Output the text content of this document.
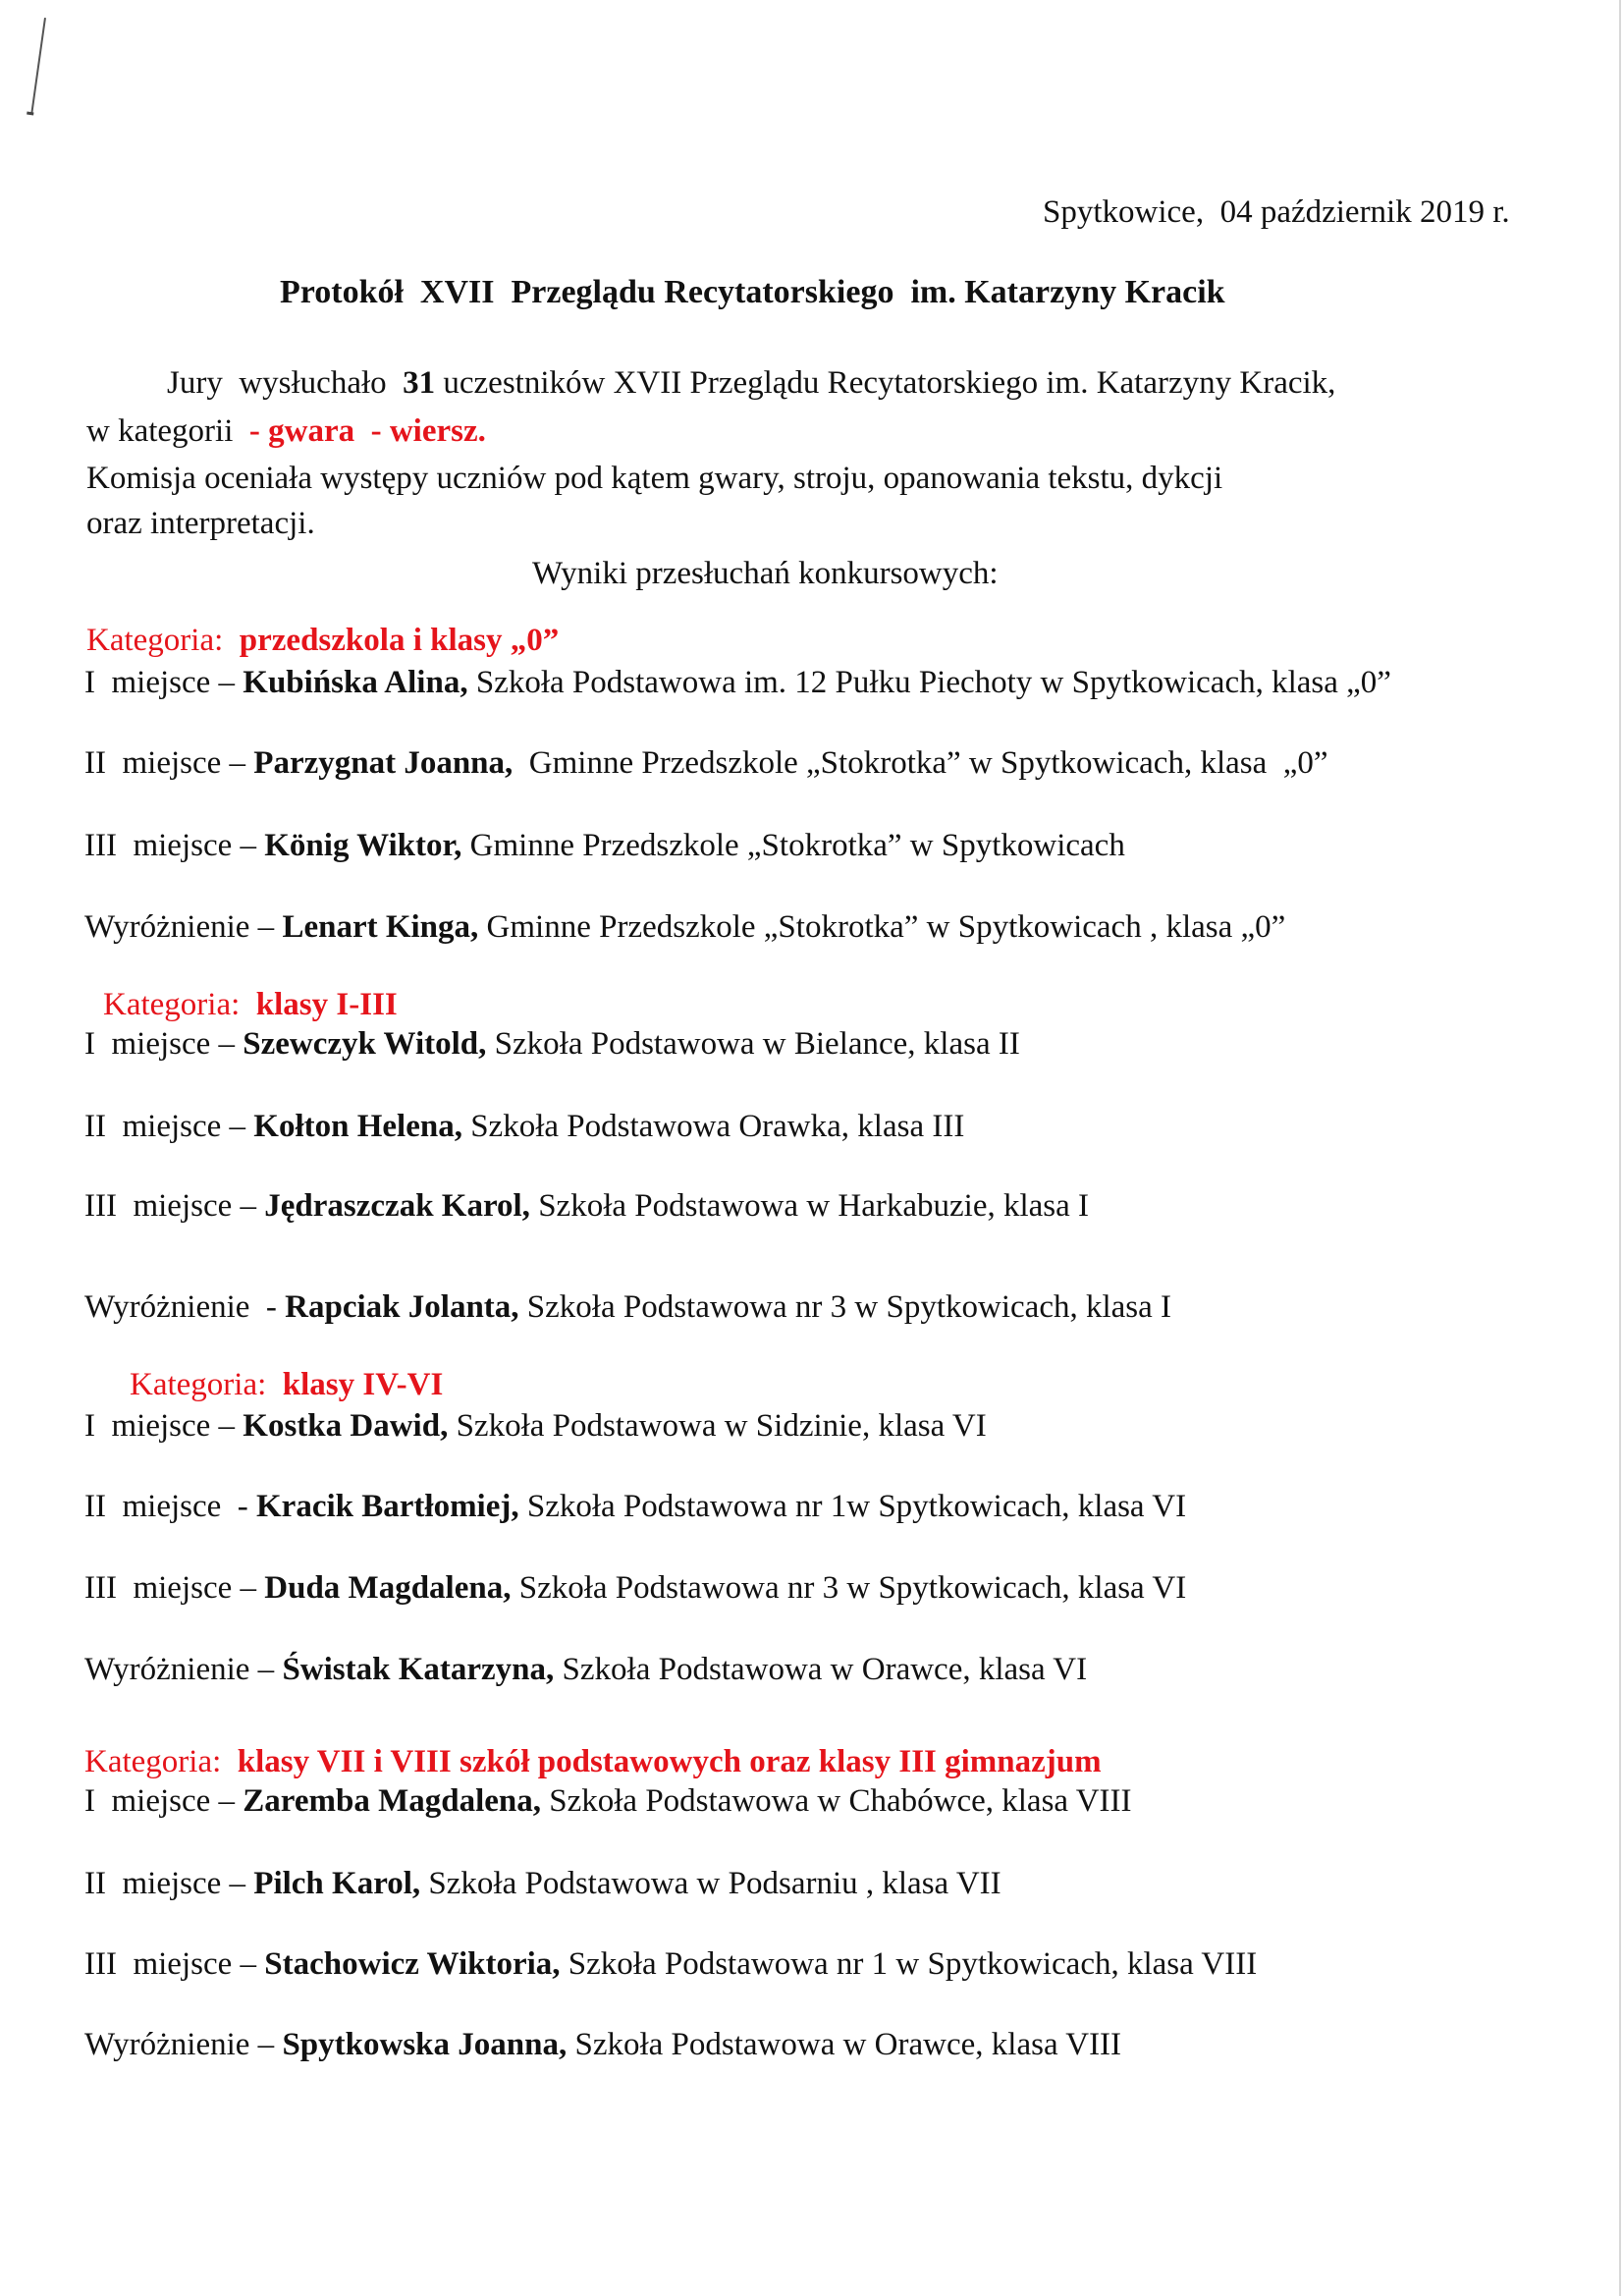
Spytkowice,  04 październik 2019 r.
Protokół  XVII  Przeglądu Recytatorskiego  im. Katarzyny Kracik
Jury  wysłuchało  31 uczestników XVII Przeglądu Recytatorskiego im. Katarzyny Kracik,
w kategorii  - gwara  - wiersz.
Komisja oceniała występy uczniów pod kątem gwary, stroju, opanowania tekstu, dykcji
oraz interpretacji.
Wyniki przesłuchań konkursowych:
Kategoria:  przedszkola i klasy „0”
I  miejsce – Kubińska Alina, Szkoła Podstawowa im. 12 Pułku Piechoty w Spytkowicach, klasa „0”
II  miejsce – Parzygnat Joanna,  Gminne Przedszkole „Stokrotka” w Spytkowicach, klasa  „0”
III  miejsce – König Wiktor, Gminne Przedszkole „Stokrotka” w Spytkowicach
Wyróżnienie – Lenart Kinga, Gminne Przedszkole „Stokrotka” w Spytkowicach , klasa „0”
Kategoria:  klasy I-III
I  miejsce – Szewczyk Witold, Szkoła Podstawowa w Bielance, klasa II
II  miejsce – Kołton Helena, Szkoła Podstawowa Orawka, klasa III
III  miejsce – Jędraszczak Karol, Szkoła Podstawowa w Harkabuzie, klasa I
Wyróżnienie  - Rapciak Jolanta, Szkoła Podstawowa nr 3 w Spytkowicach, klasa I
Kategoria:  klasy IV-VI
I  miejsce – Kostka Dawid, Szkoła Podstawowa w Sidzinie, klasa VI
II  miejsce  - Kracik Bartłomiej, Szkoła Podstawowa nr 1w Spytkowicach, klasa VI
III  miejsce – Duda Magdalena, Szkoła Podstawowa nr 3 w Spytkowicach, klasa VI
Wyróżnienie – Świstak Katarzyna, Szkoła Podstawowa w Orawce, klasa VI
Kategoria:  klasy VII i VIII szkół podstawowych oraz klasy III gimnazjum
I  miejsce – Zaremba Magdalena, Szkoła Podstawowa w Chabówce, klasa VIII
II  miejsce – Pilch Karol, Szkoła Podstawowa w Podsarniu , klasa VII
III  miejsce – Stachowicz Wiktoria, Szkoła Podstawowa nr 1 w Spytkowicach, klasa VIII
Wyróżnienie – Spytkowska Joanna, Szkoła Podstawowa w Orawce, klasa VIII
